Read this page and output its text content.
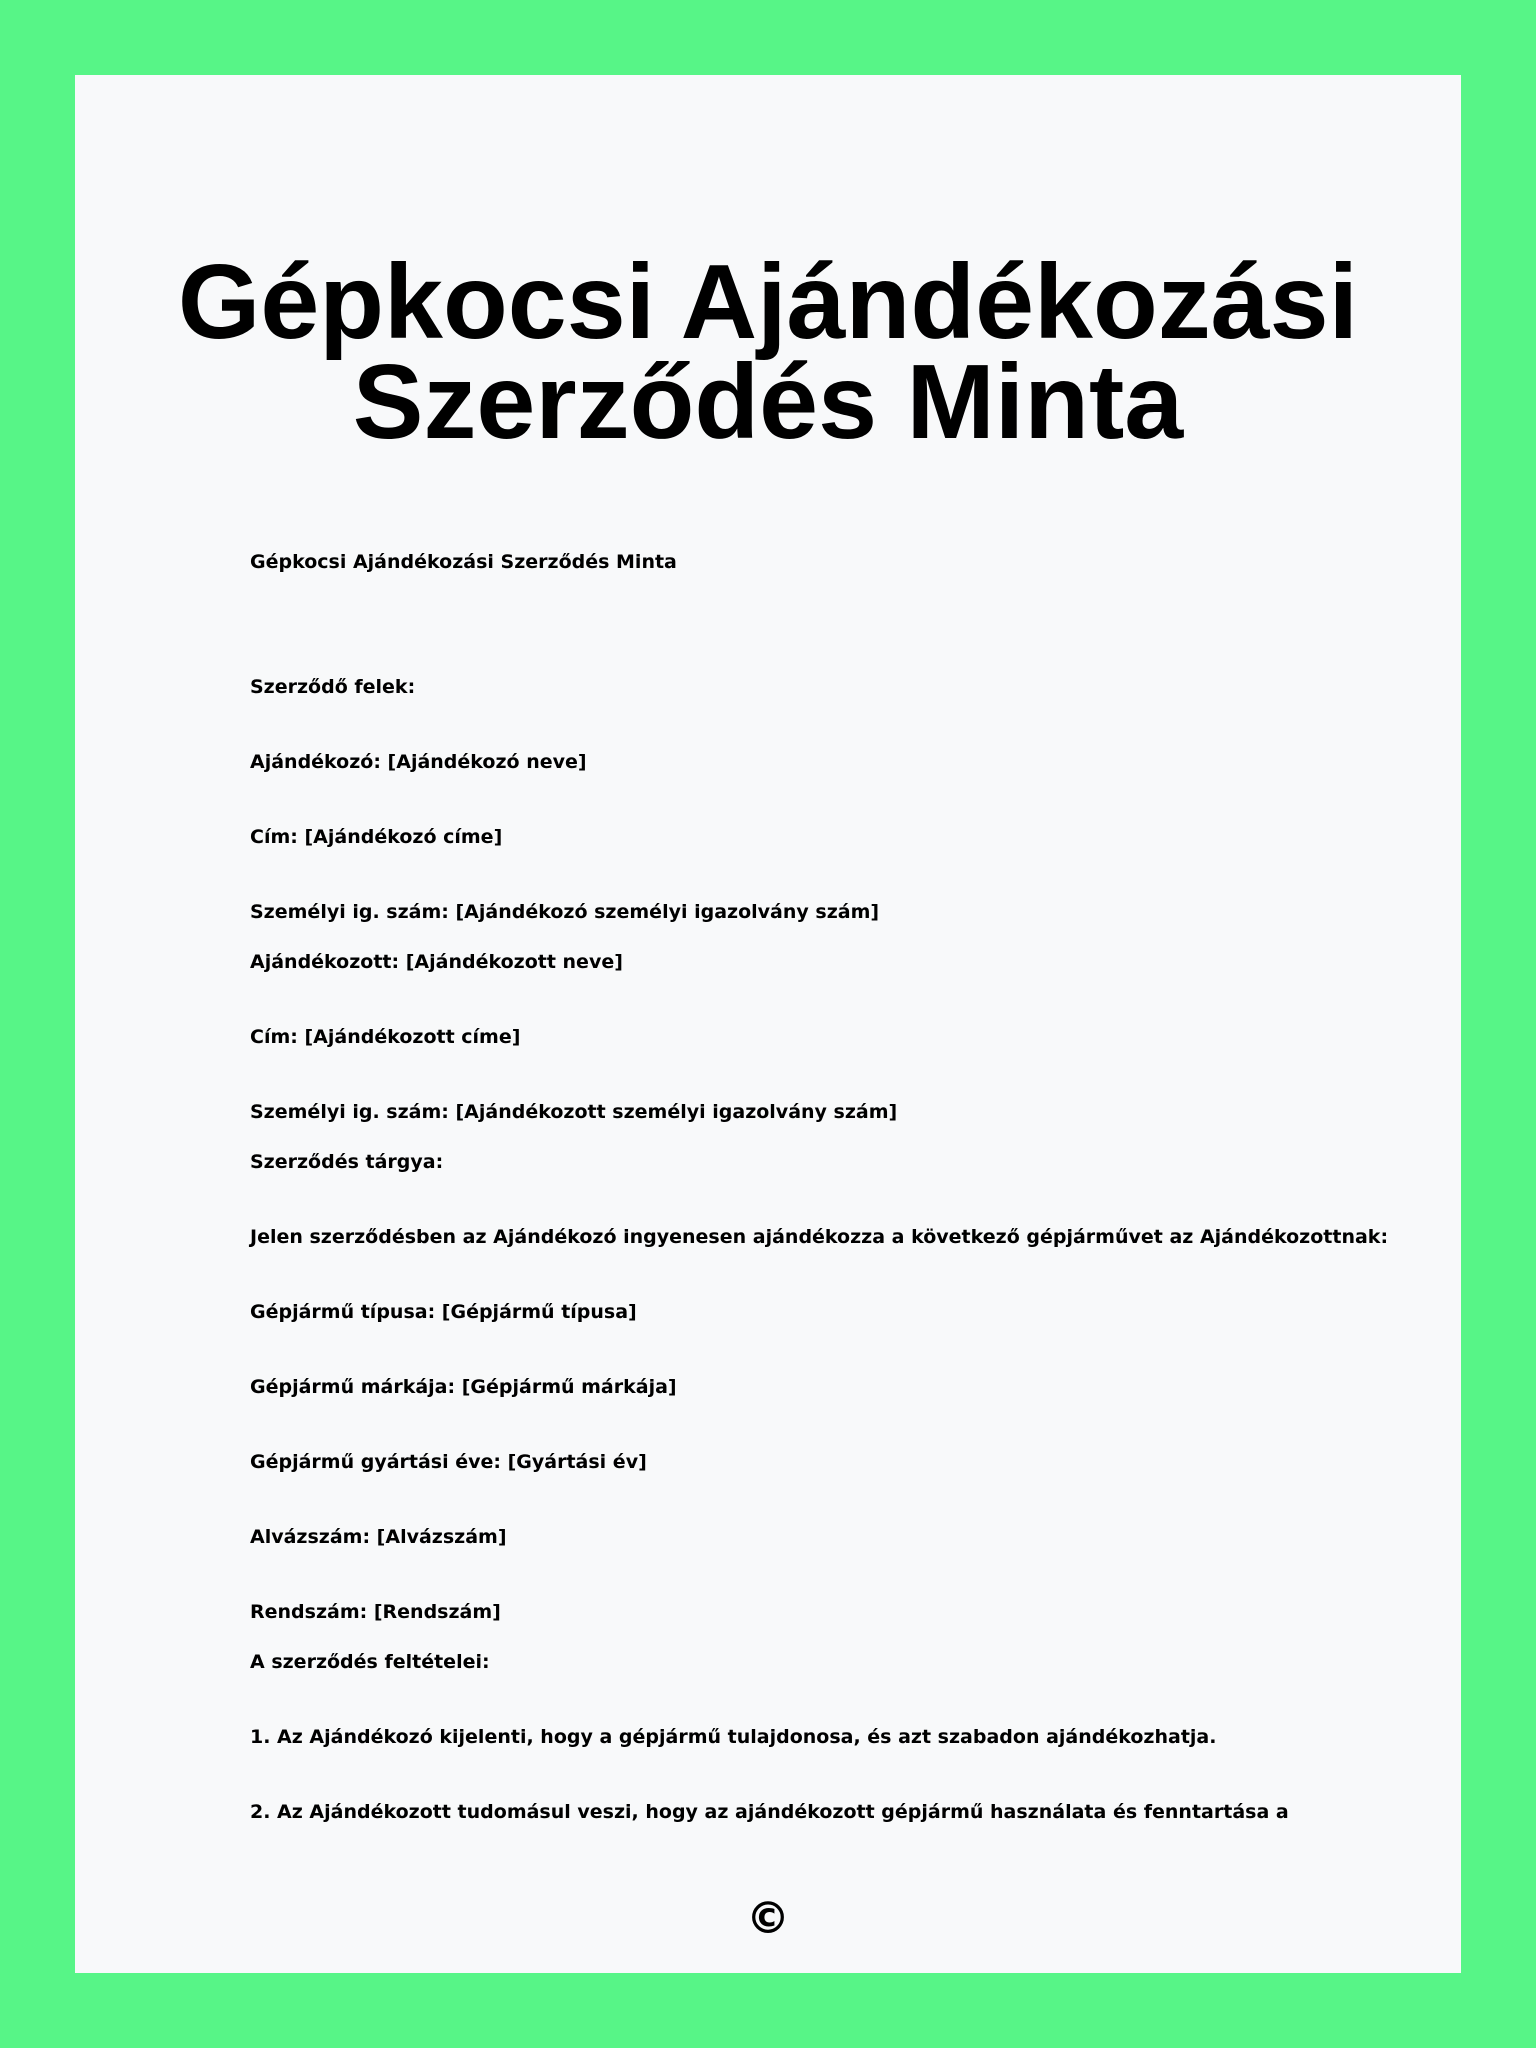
Gépkocsi Ajándékozási
Szerződés Minta
Gépkocsi Ajándékozási Szerződés Minta
Szerződő felek:
Ajándékozó: [Ajándékozó neve]
Cím: [Ajándékozó címe]
Személyi ig. szám: [Ajándékozó személyi igazolvány szám]
Ajándékozott: [Ajándékozott neve]
Cím: [Ajándékozott címe]
Személyi ig. szám: [Ajándékozott személyi igazolvány szám]
Szerződés tárgya:
Jelen szerződésben az Ajándékozó ingyenesen ajándékozza a következő gépjárművet az Ajándékozottnak:
Gépjármű típusa: [Gépjármű típusa]
Gépjármű márkája: [Gépjármű márkája]
Gépjármű gyártási éve: [Gyártási év]
Alvázszám: [Alvázszám]
Rendszám: [Rendszám]
A szerződés feltételei:
1. Az Ajándékozó kijelenti, hogy a gépjármű tulajdonosa, és azt szabadon ajándékozhatja.
2. Az Ajándékozott tudomásul veszi, hogy az ajándékozott gépjármű használata és fenntartása a
©
